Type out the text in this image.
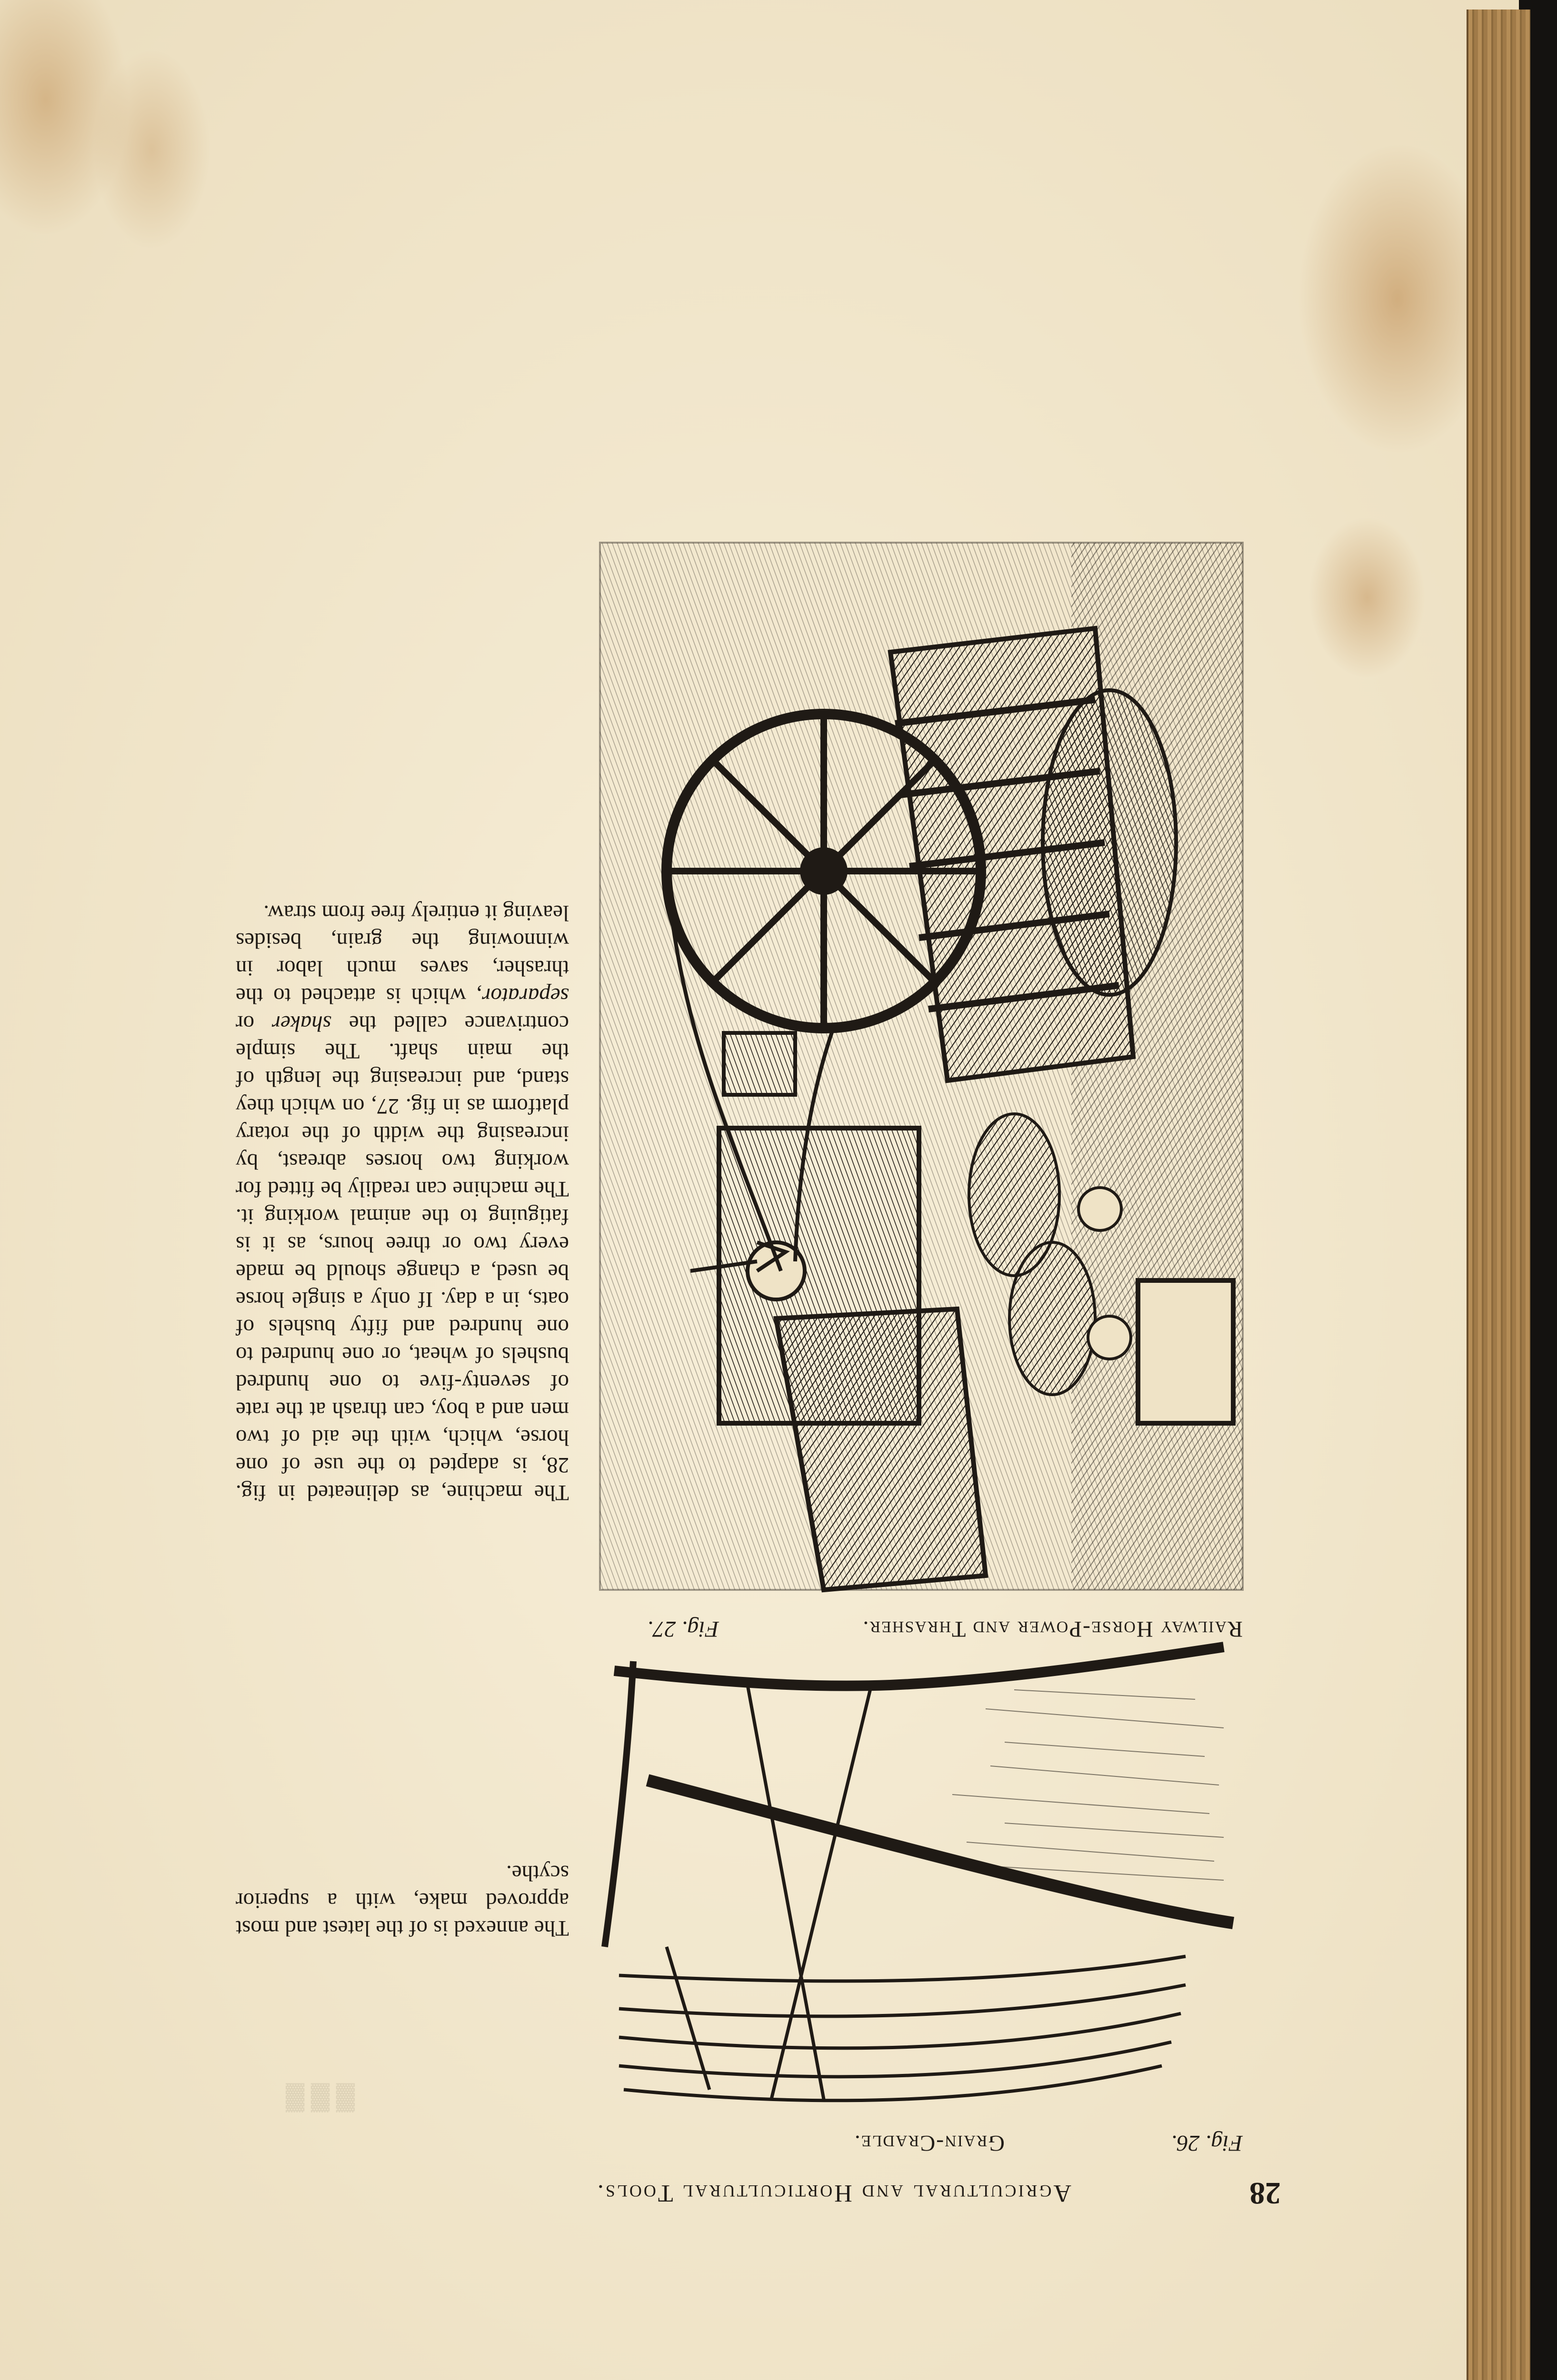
▓ ▓ ▓
28
Agricultural and Horticultural Tools.
Fig. 26.
Grain-Cradle.
Fig. 27.	Railway Horse-Power and Thrasher.

The annexed is of the latest and most approved make, with a superior scythe.

The machine, as delineated in fig. 28, is adapted to the use of one horse, which, with the aid of two men and a boy, can thrash at the rate of seventy-five to one hundred bushels of wheat, or one hundred to one hundred and fifty bushels of oats, in a day. If only a single horse be used, a change should be made every two or three hours, as it is fatiguing to the animal working it. The machine can readily be fitted for working two horses abreast, by increasing the width of the rotary platform as in fig. 27, on which they stand, and increasing the length of the main shaft. The simple contrivance called the shaker or separator, which is attached to the thrasher, saves much labor in winnowing the grain, besides leaving it entirely free from straw.
